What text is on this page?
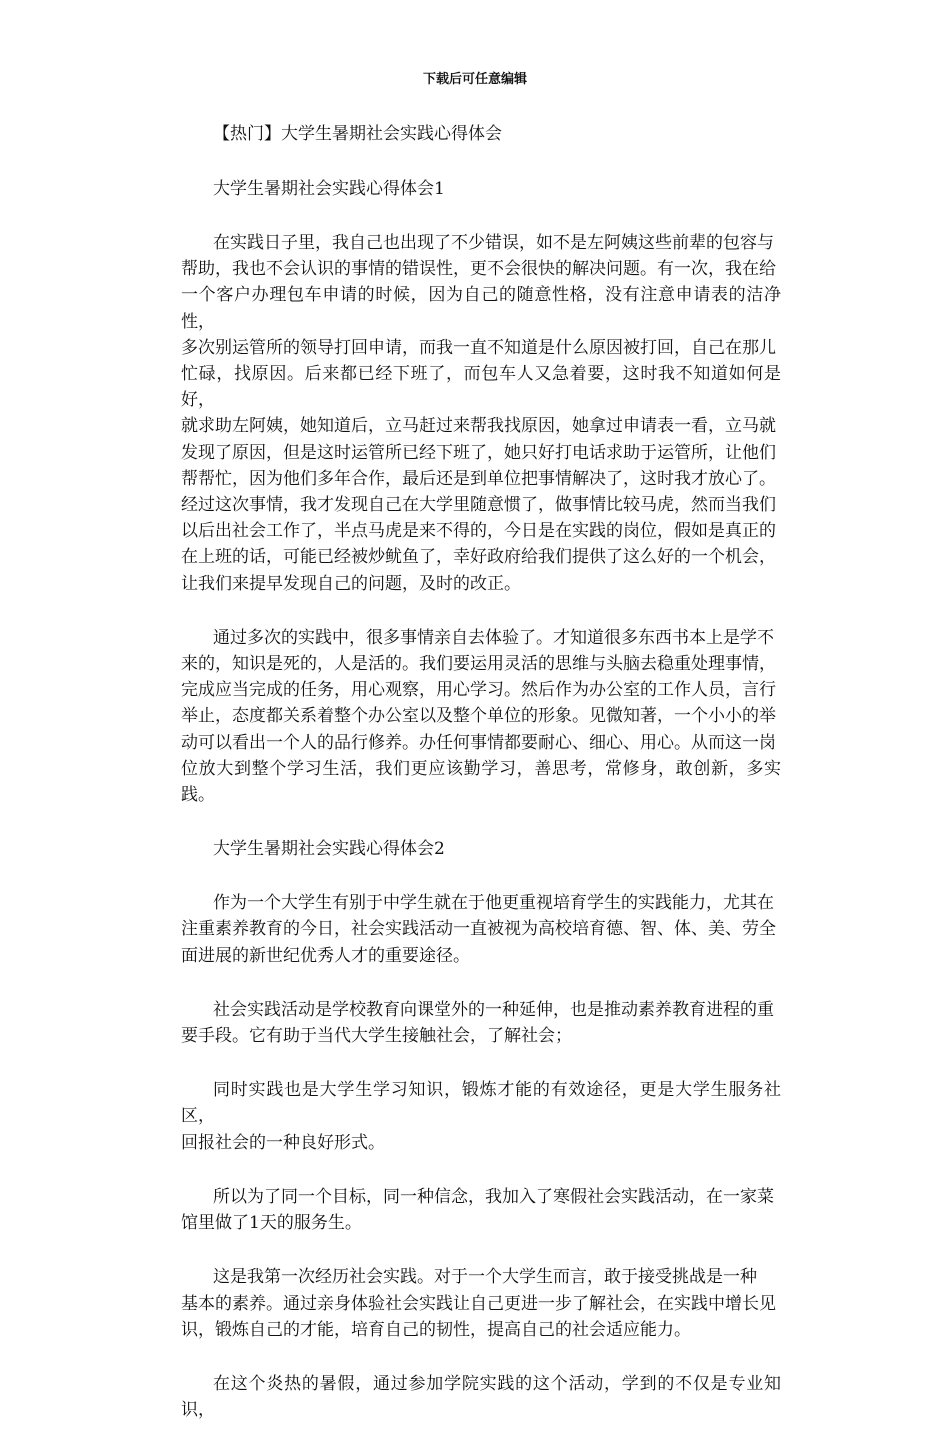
下载后可任意编辑
【热门】大学生暑期社会实践心得体会
大学生暑期社会实践心得体会1

在实践日子里，我自己也出现了不少错误，如不是左阿姨这些前辈的包容与
帮助，我也不会认识的事情的错误性，更不会很快的解决问题。有一次，我在给
一个客户办理包车申请的时候，因为自己的随意性格，没有注意申请表的洁净性，
多次别运管所的领导打回申请，而我一直不知道是什么原因被打回，自己在那儿
忙碌，找原因。后来都已经下班了，而包车人又急着要，这时我不知道如何是好，
就求助左阿姨，她知道后，立马赶过来帮我找原因，她拿过申请表一看，立马就
发现了原因，但是这时运管所已经下班了，她只好打电话求助于运管所，让他们
帮帮忙，因为他们多年合作，最后还是到单位把事情解决了，这时我才放心了。
经过这次事情，我才发现自己在大学里随意惯了，做事情比较马虎，然而当我们
以后出社会工作了，半点马虎是来不得的，今日是在实践的岗位，假如是真正的
在上班的话，可能已经被炒鱿鱼了，幸好政府给我们提供了这么好的一个机会，
让我们来提早发现自己的问题，及时的改正。

通过多次的实践中，很多事情亲自去体验了。才知道很多东西书本上是学不
来的，知识是死的，人是活的。我们要运用灵活的思维与头脑去稳重处理事情，
完成应当完成的任务，用心观察，用心学习。然后作为办公室的工作人员，言行
举止，态度都关系着整个办公室以及整个单位的形象。见微知著，一个小小的举
动可以看出一个人的品行修养。办任何事情都要耐心、细心、用心。从而这一岗
位放大到整个学习生活，我们更应该勤学习，善思考，常修身，敢创新，多实践。

大学生暑期社会实践心得体会2

作为一个大学生有别于中学生就在于他更重视培育学生的实践能力，尤其在
注重素养教育的今日，社会实践活动一直被视为高校培育德、智、体、美、劳全
面进展的新世纪优秀人才的重要途径。

社会实践活动是学校教育向课堂外的一种延伸，也是推动素养教育进程的重
要手段。它有助于当代大学生接触社会，了解社会；

同时实践也是大学生学习知识，锻炼才能的有效途径，更是大学生服务社区，
回报社会的一种良好形式。

所以为了同一个目标，同一种信念，我加入了寒假社会实践活动，在一家菜
馆里做了1天的服务生。

这是我第一次经历社会实践。对于一个大学生而言，敢于接受挑战是一种
基本的素养。通过亲身体验社会实践让自己更进一步了解社会，在实践中增长见
识，锻炼自己的才能，培育自己的韧性，提高自己的社会适应能力。

在这个炎热的暑假，通过参加学院实践的这个活动，学到的不仅是专业知识，
